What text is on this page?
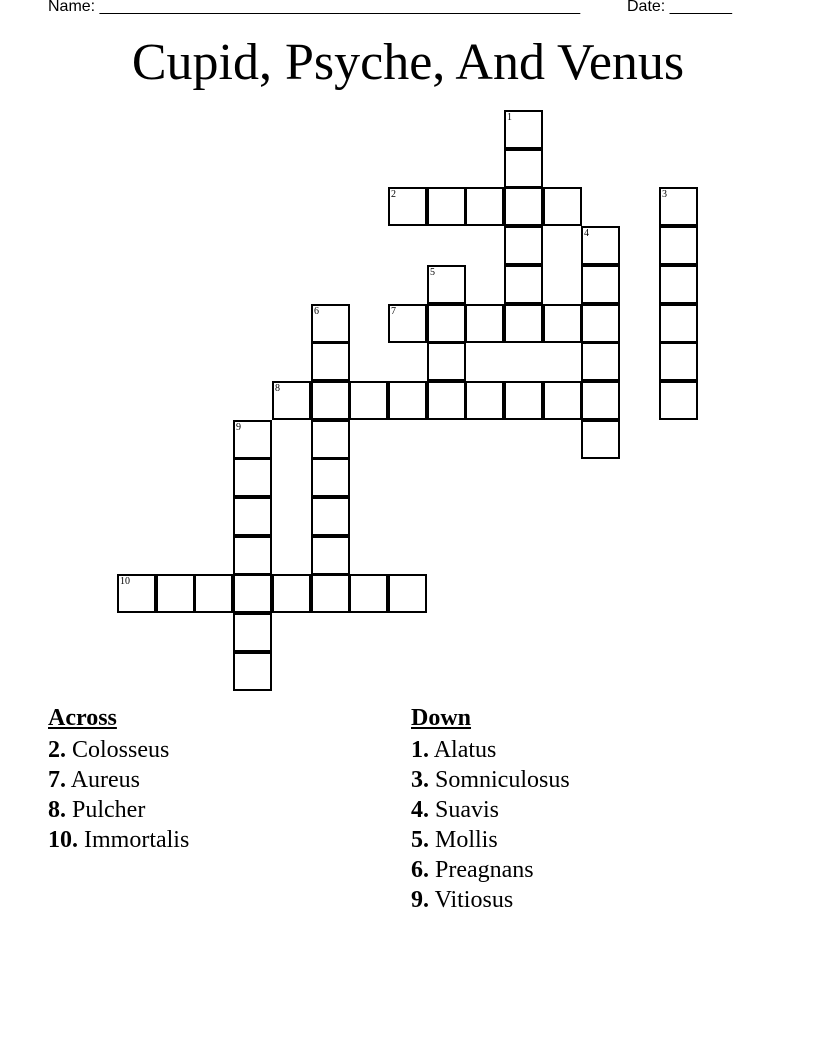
Name: ______________________________________________________	Date: _______
Cupid, Psyche, And Venus
1
2	3
4
5
6	7
8
9
10
Across
2. Colosseus
7. Aureus
8. Pulcher
10. Immortalis
Down
1. Alatus
3. Somniculosus
4. Suavis
5. Mollis
6. Preagnans
9. Vitiosus
